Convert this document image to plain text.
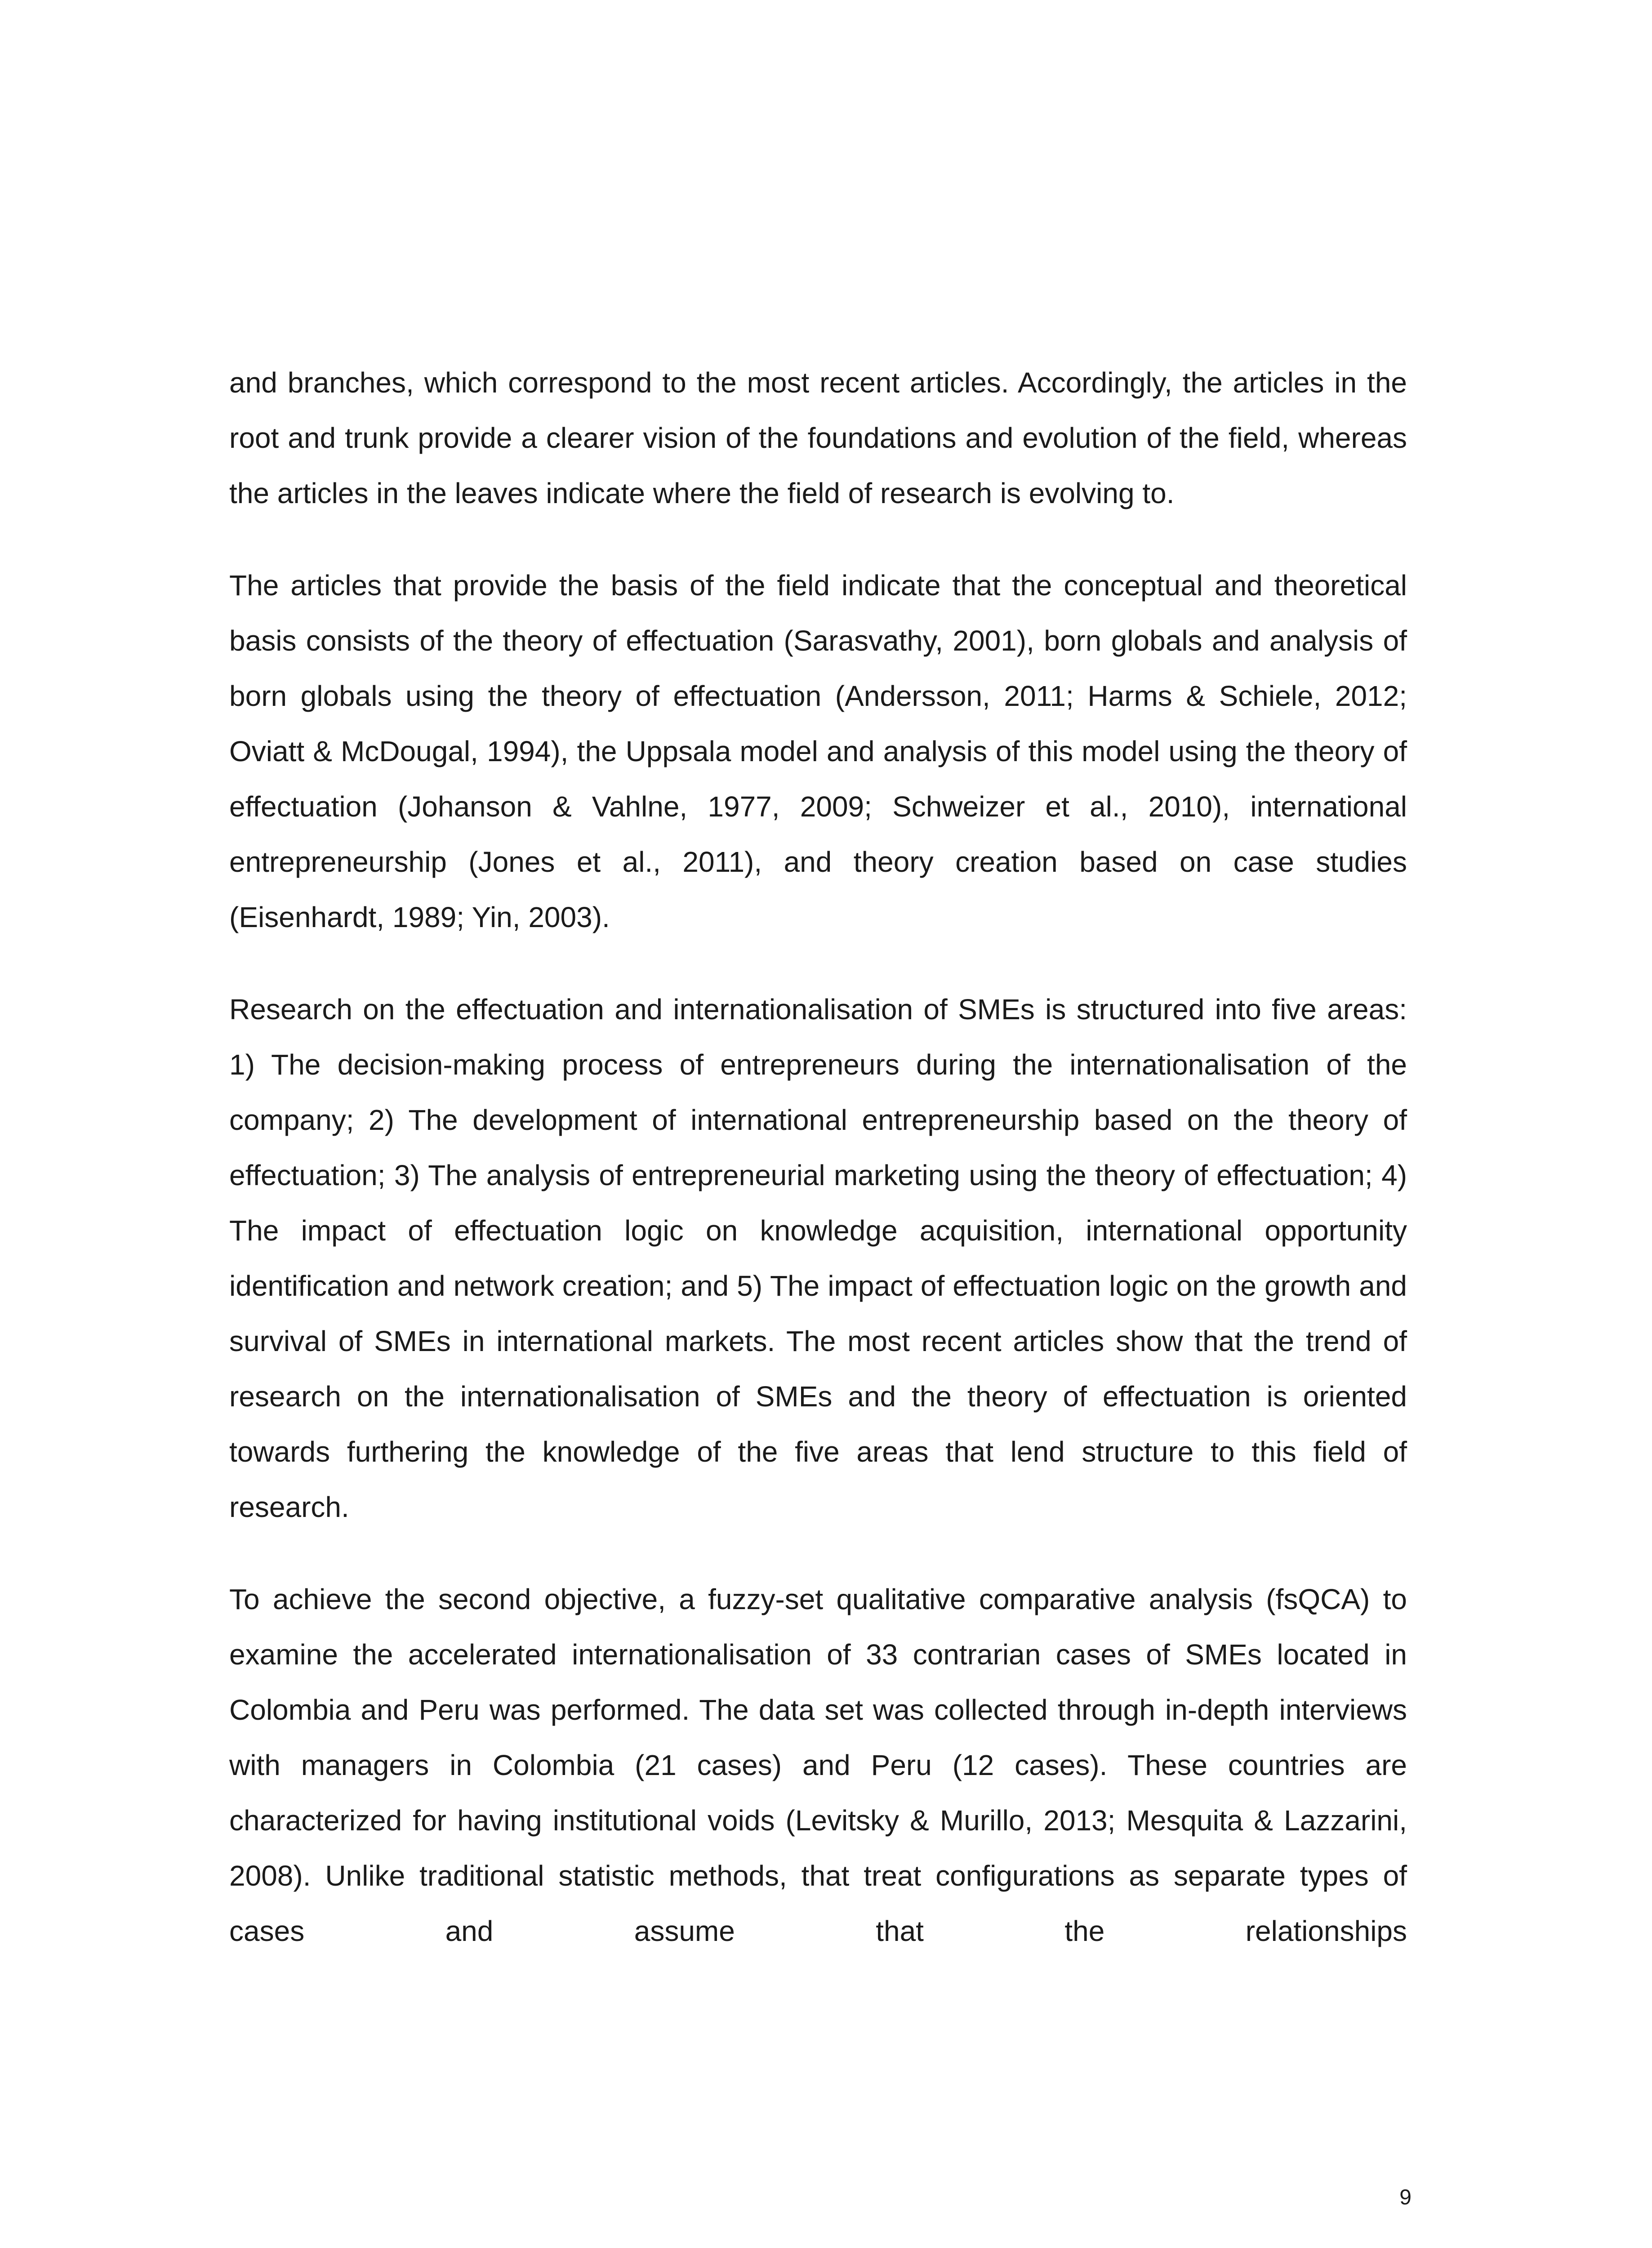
and branches, which correspond to the most recent articles. Accordingly, the articles in the root and trunk provide a clearer vision of the foundations and evolution of the field, whereas the articles in the leaves indicate where the field of research is evolving to.

The articles that provide the basis of the field indicate that the conceptual and theoretical basis consists of the theory of effectuation (Sarasvathy, 2001), born globals and analysis of born globals using the theory of effectuation (Andersson, 2011; Harms & Schiele, 2012; Oviatt & McDougal, 1994), the Uppsala model and analysis of this model using the theory of effectuation (Johanson & Vahlne, 1977, 2009; Schweizer et al., 2010), international entrepreneurship (Jones et al., 2011), and theory creation based on case studies (Eisenhardt, 1989; Yin, 2003).

Research on the effectuation and internationalisation of SMEs is structured into five areas: 1) The decision-making process of entrepreneurs during the internationalisation of the company; 2) The development of international entrepreneurship based on the theory of effectuation; 3) The analysis of entrepreneurial marketing using the theory of effectuation; 4) The impact of effectuation logic on knowledge acquisition, international opportunity identification and network creation; and 5) The impact of effectuation logic on the growth and survival of SMEs in international markets. The most recent articles show that the trend of research on the internationalisation of SMEs and the theory of effectuation is oriented towards furthering the knowledge of the five areas that lend structure to this field of research.

To achieve the second objective, a fuzzy-set qualitative comparative analysis (fsQCA) to examine the accelerated internationalisation of 33 contrarian cases of SMEs located in Colombia and Peru was performed. The data set was collected through in-depth interviews with managers in Colombia (21 cases) and Peru (12 cases). These countries are characterized for having institutional voids (Levitsky & Murillo, 2013; Mesquita & Lazzarini, 2008). Unlike traditional statistic methods, that treat configurations as separate types of cases and assume that the relationships

9
